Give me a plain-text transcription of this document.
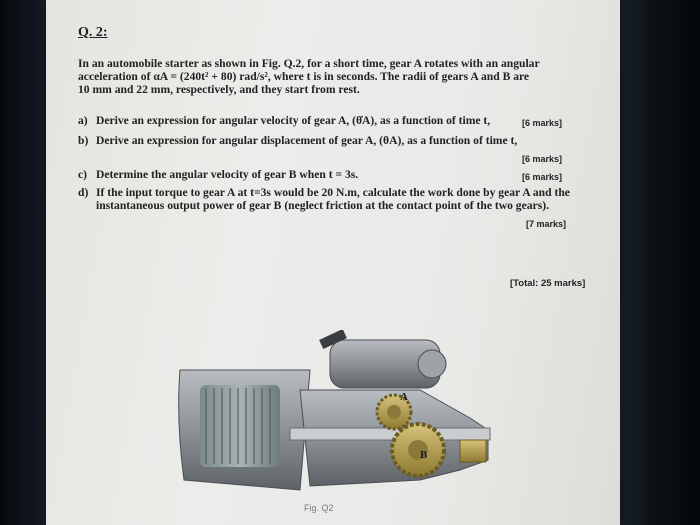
Q. 2:

In an automobile starter as shown in Fig. Q.2, for a short time, gear A rotates with an angular

acceleration of αA = (240t² + 80) rad/s², where t is in seconds. The radii of gears A and B are

10 mm and 22 mm, respectively, and they start from rest.

a) Derive an expression for angular velocity of gear A, (θ̇A), as a function of time t,	[6 marks]
b) Derive an expression for angular displacement of gear A, (θA), as a function of time t,
[6 marks]
c) Determine the angular velocity of gear B when t = 3s.	[6 marks]
d) If the input torque to gear A at t=3s would be 20 N.m, calculate the work done by gear A and the
instantaneous output power of gear B (neglect friction at the contact point of the two gears).
[7 marks]
[Total: 25 marks]
A
B
Fig. Q2
